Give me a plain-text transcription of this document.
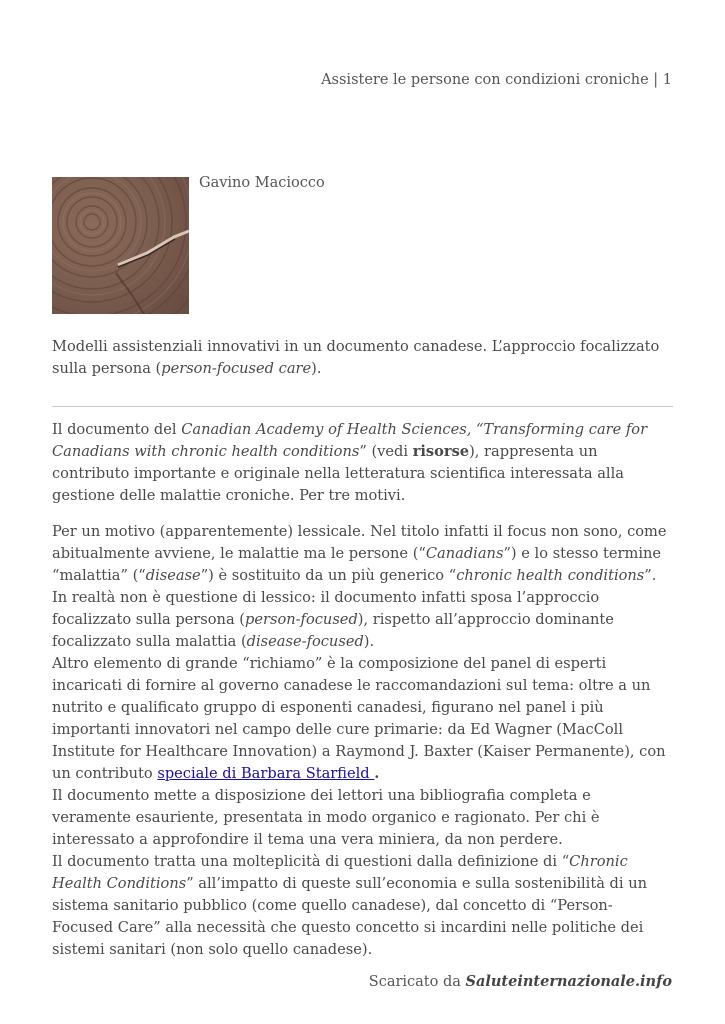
Assistere le persone con condizioni croniche | 1
Gavino Maciocco

Modelli assistenziali innovativi in un documento canadese. L’approccio focalizzato sulla persona (person-focused care).

Il documento del Canadian Academy of Health Sciences, “Transforming care for Canadians with chronic health conditions” (vedi risorse), rappresenta un contributo importante e originale nella letteratura scientifica interessata alla gestione delle malattie croniche. Per tre motivi.

Per un motivo (apparentemente) lessicale. Nel titolo infatti il focus non sono, come abitualmente avviene, le malattie ma le persone (“Canadians”) e lo stesso termine “malattia” (“disease”) è sostituito da un più generico “chronic health conditions”. In realtà non è questione di lessico: il documento infatti sposa l’approccio focalizzato sulla persona (person-focused), rispetto all’approccio dominante focalizzato sulla malattia (disease-focused).

Altro elemento di grande “richiamo” è la composizione del panel di esperti incaricati di fornire al governo canadese le raccomandazioni sul tema: oltre a un nutrito e qualificato gruppo di esponenti canadesi, figurano nel panel i più importanti innovatori nel campo delle cure primarie: da Ed Wagner (MacColl Institute for Healthcare Innovation) a Raymond J. Baxter (Kaiser Permanente), con un contributo speciale di Barbara Starfield .

Il documento mette a disposizione dei lettori una bibliografia completa e veramente esauriente, presentata in modo organico e ragionato. Per chi è interessato a approfondire il tema una vera miniera, da non perdere.

Il documento tratta una molteplicità di questioni dalla definizione di “Chronic Health Conditions” all’impatto di queste sull’economia e sulla sostenibilità di un sistema sanitario pubblico (come quello canadese), dal concetto di “Person-Focused Care” alla necessità che questo concetto si incardini nelle politiche dei sistemi sanitari (non solo quello canadese).

Scaricato da Saluteinternazionale.info
